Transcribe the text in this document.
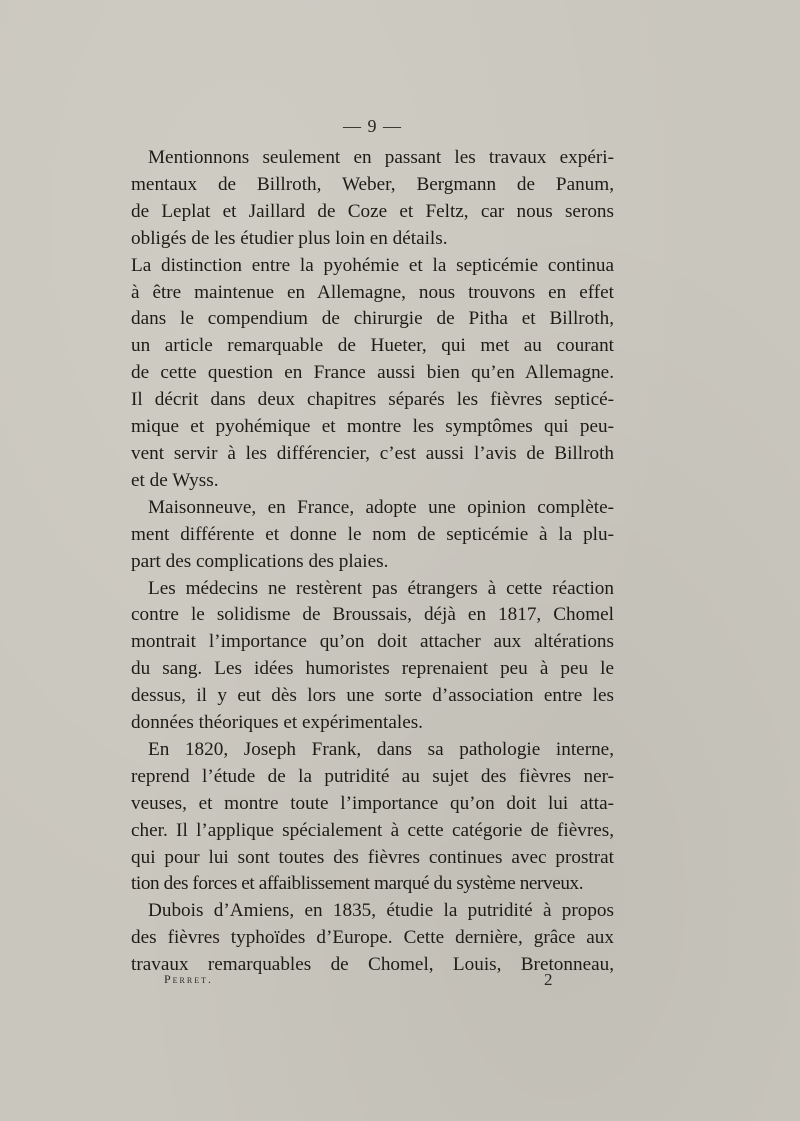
— 9 —

Mentionnons seulement en passant les travaux expéri-
mentaux de Billroth, Weber, Bergmann de Panum,
de Leplat et Jaillard de Coze et Feltz, car nous serons
obligés de les étudier plus loin en détails.

La distinction entre la pyohémie et la septicémie continua
à être maintenue en Allemagne, nous trouvons en effet
dans le compendium de chirurgie de Pitha et Billroth,
un article remarquable de Hueter, qui met au courant
de cette question en France aussi bien qu’en Allemagne.
Il décrit dans deux chapitres séparés les fièvres septicé-
mique et pyohémique et montre les symptômes qui peu-
vent servir à les différencier, c’est aussi l’avis de Billroth
et de Wyss.

Maisonneuve, en France, adopte une opinion complète-
ment différente et donne le nom de septicémie à la plu-
part des complications des plaies.

Les médecins ne restèrent pas étrangers à cette réaction
contre le solidisme de Broussais, déjà en 1817, Chomel
montrait l’importance qu’on doit attacher aux altérations
du sang. Les idées humoristes reprenaient peu à peu le
dessus, il y eut dès lors une sorte d’association entre les
données théoriques et expérimentales.

En 1820, Joseph Frank, dans sa pathologie interne,
reprend l’étude de la putridité au sujet des fièvres ner-
veuses, et montre toute l’importance qu’on doit lui atta-
cher. Il l’applique spécialement à cette catégorie de fièvres,
qui pour lui sont toutes des fièvres continues avec prostrat
tion des forces et affaiblissement marqué du système nerveux.

Dubois d’Amiens, en 1835, étudie la putridité à propos
des fièvres typhoïdes d’Europe. Cette dernière, grâce aux
travaux remarquables de Chomel, Louis, Bretonneau,

Perret.	2
